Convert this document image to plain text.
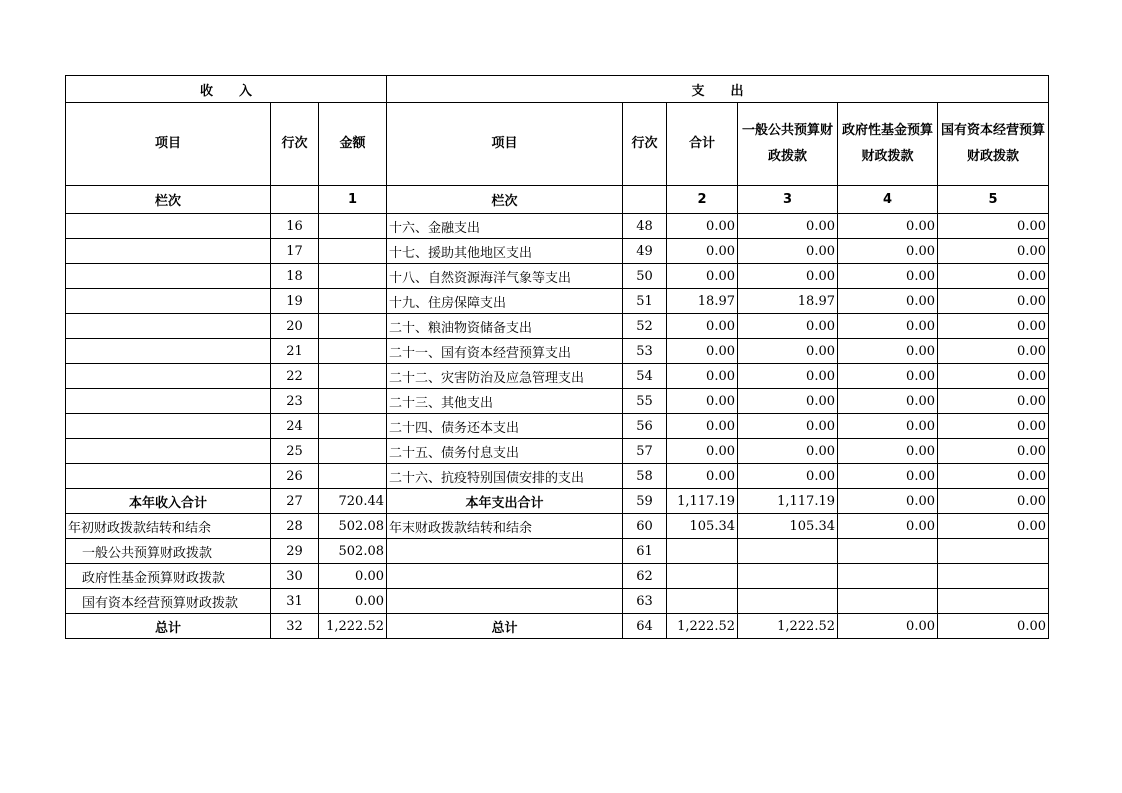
收　　入			支　　出					
项目	行次	金额	项目	行次	合计	一般公共预算财政拨款	政府性基金预算财政拨款	国有资本经营预算财政拨款
栏次		1	栏次		2	3	4	5
	16		十六、金融支出	48	0.00	0.00	0.00	0.00
	17		十七、援助其他地区支出	49	0.00	0.00	0.00	0.00
	18		十八、自然资源海洋气象等支出	50	0.00	0.00	0.00	0.00
	19		十九、住房保障支出	51	18.97	18.97	0.00	0.00
	20		二十、粮油物资储备支出	52	0.00	0.00	0.00	0.00
	21		二十一、国有资本经营预算支出	53	0.00	0.00	0.00	0.00
	22		二十二、灾害防治及应急管理支出	54	0.00	0.00	0.00	0.00
	23		二十三、其他支出	55	0.00	0.00	0.00	0.00
	24		二十四、债务还本支出	56	0.00	0.00	0.00	0.00
	25		二十五、债务付息支出	57	0.00	0.00	0.00	0.00
	26		二十六、抗疫特别国债安排的支出	58	0.00	0.00	0.00	0.00
本年收入合计	27	720.44	本年支出合计	59	1,117.19	1,117.19	0.00	0.00
年初财政拨款结转和结余	28	502.08	年末财政拨款结转和结余	60	105.34	105.34	0.00	0.00
一般公共预算财政拨款	29	502.08		61				
政府性基金预算财政拨款	30	0.00		62				
国有资本经营预算财政拨款	31	0.00		63				
总计	32	1,222.52	总计	64	1,222.52	1,222.52	0.00	0.00
